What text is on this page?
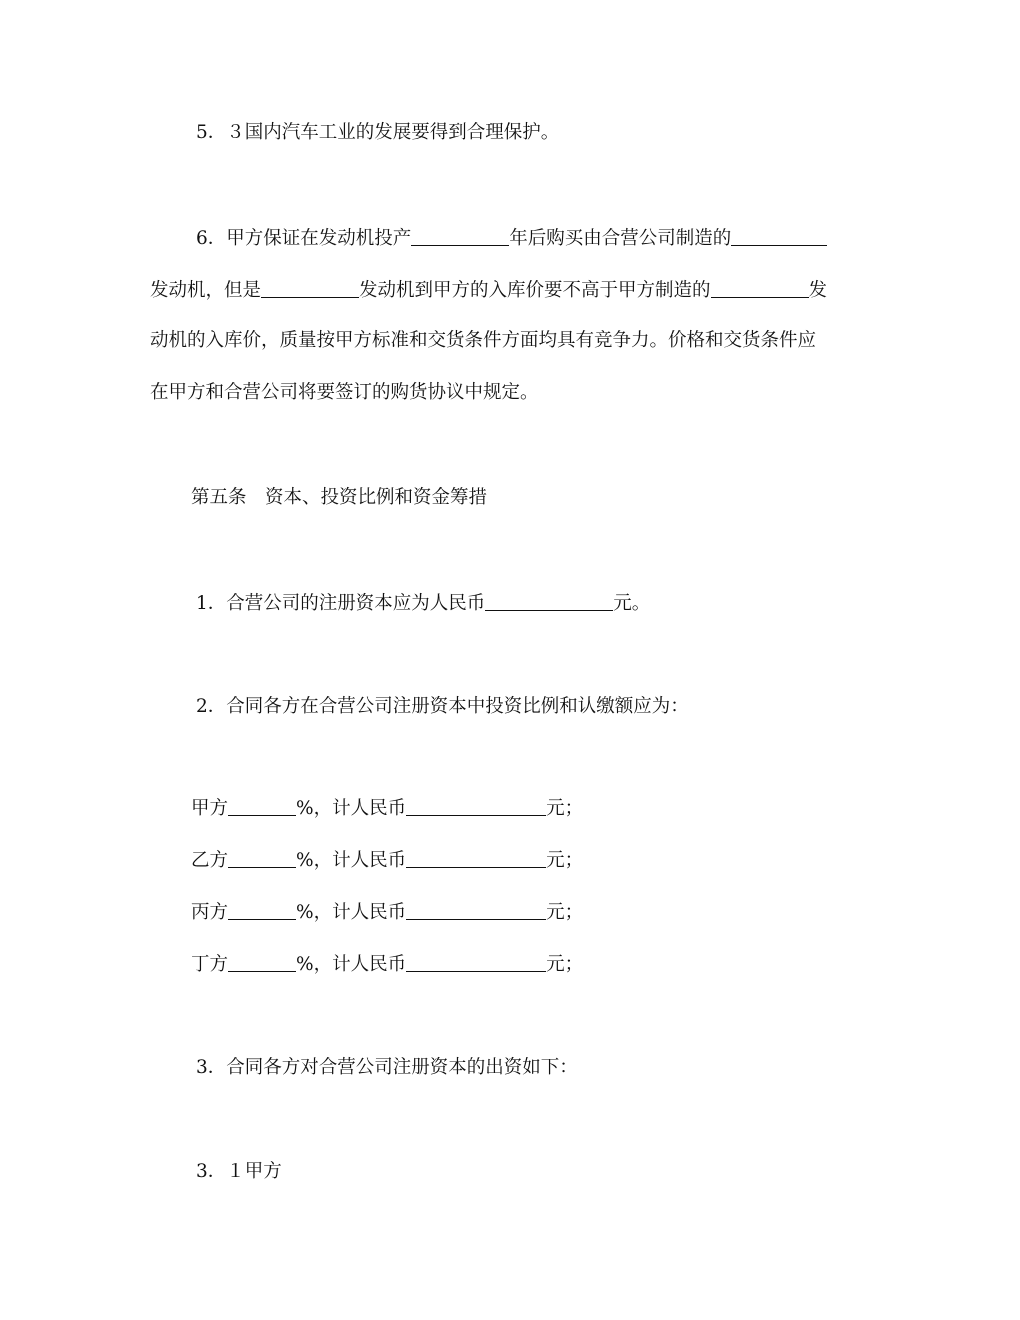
5．３国内汽车工业的发展要得到合理保护。
6．甲方保证在发动机投产	年后购买由合营公司制造的
发动机，但是	发动机到甲方的入库价要不高于甲方制造的	发
动机的入库价，质量按甲方标准和交货条件方面均具有竞争力。价格和交货条件应
在甲方和合营公司将要签订的购货协议中规定。
第五条　资本、投资比例和资金筹措
1．合营公司的注册资本应为人民币	元。
2．合同各方在合营公司注册资本中投资比例和认缴额应为：
甲方	%，计人民币	元；
乙方	%，计人民币	元；
丙方	%，计人民币	元；
丁方	%，计人民币	元；
3．合同各方对合营公司注册资本的出资如下：
3．１甲方
